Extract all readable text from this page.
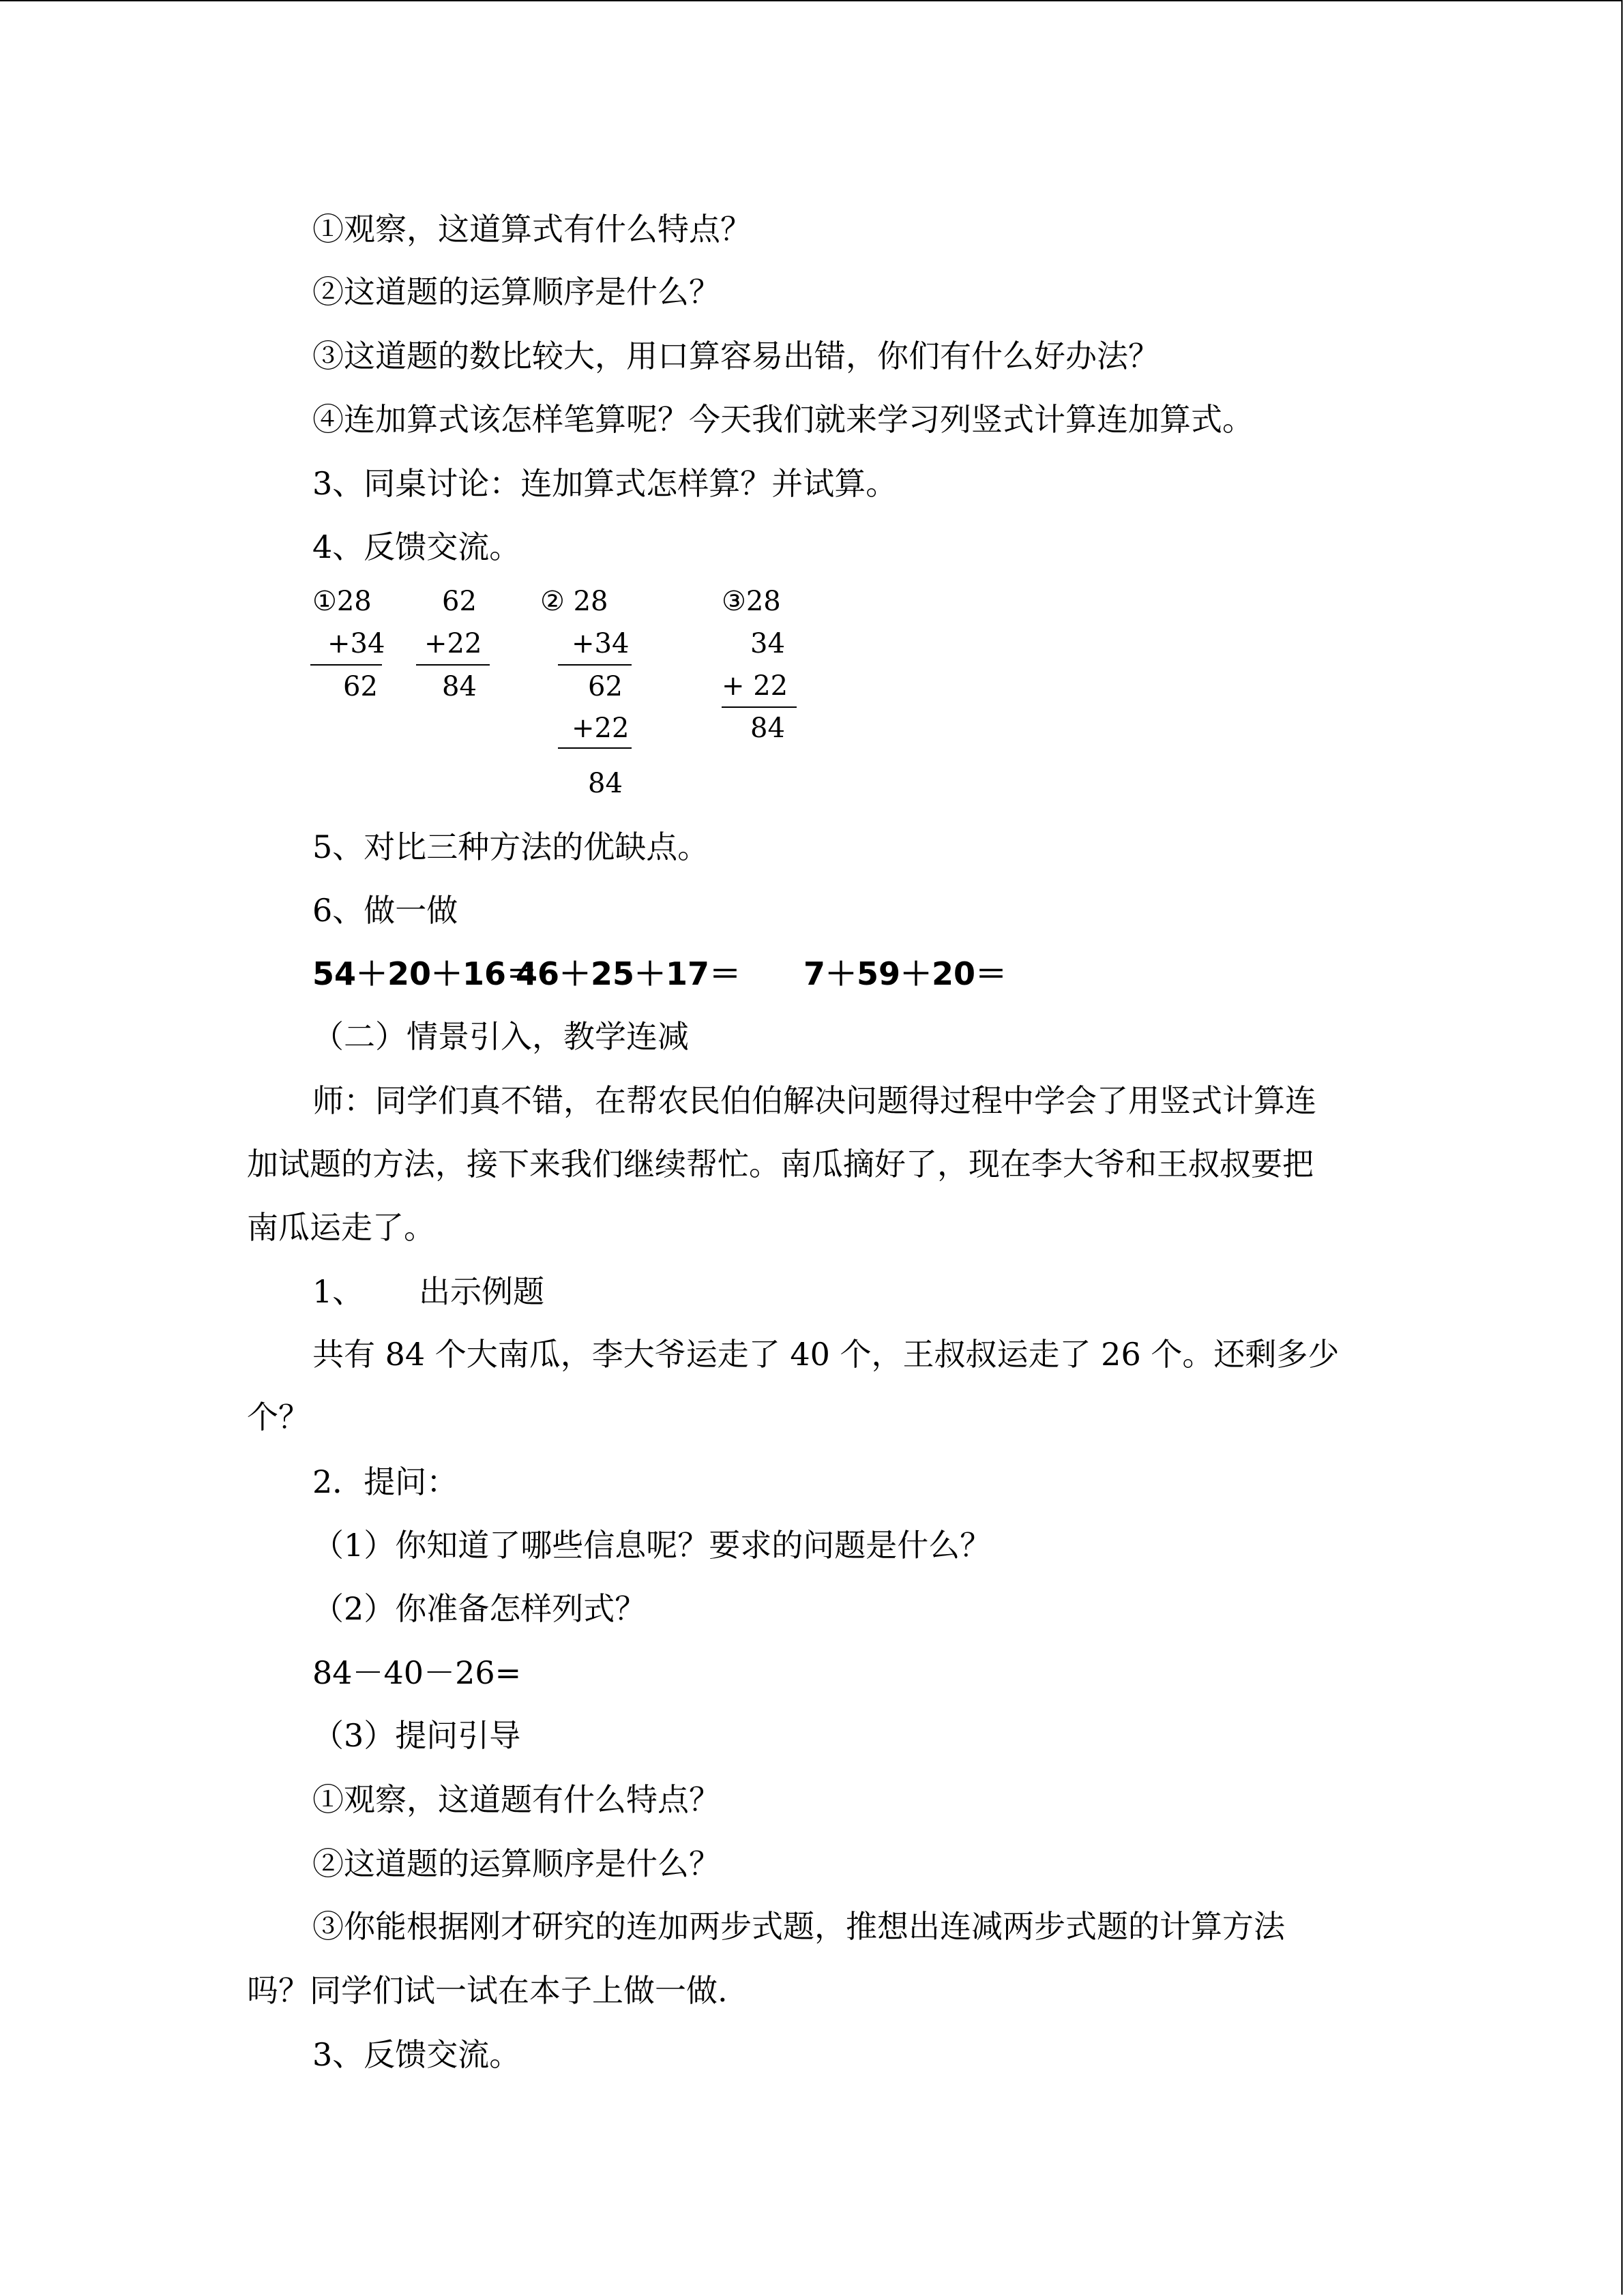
①观察，这道算式有什么特点？
②这道题的运算顺序是什么？
③这道题的数比较大，用口算容易出错，你们有什么好办法？
④连加算式该怎样笔算呢？今天我们就来学习列竖式计算连加算式。
3、同桌讨论：连加算式怎样算？并试算。
4、反馈交流。
①28
+34
62
62
+22
84
② 28
+34
62
+22
84
③28
34
+ 22
84
5、对比三种方法的优缺点。
6、做一做
54＋20＋16＝
46＋25＋17＝ 7＋59＋20＝
（二）情景引入，教学连减
师：同学们真不错，在帮农民伯伯解决问题得过程中学会了用竖式计算连
加试题的方法，接下来我们继续帮忙。南瓜摘好了，现在李大爷和王叔叔要把
南瓜运走了。
1、 出示例题
共有 84 个大南瓜，李大爷运走了 40 个，王叔叔运走了 26 个。还剩多少
个？
2．提问：
（1）你知道了哪些信息呢？要求的问题是什么？
（2）你准备怎样列式？
84－40－26=
（3）提问引导
①观察，这道题有什么特点？
②这道题的运算顺序是什么？
③你能根据刚才研究的连加两步式题，推想出连减两步式题的计算方法
吗？同学们试一试在本子上做一做.
3、反馈交流。
